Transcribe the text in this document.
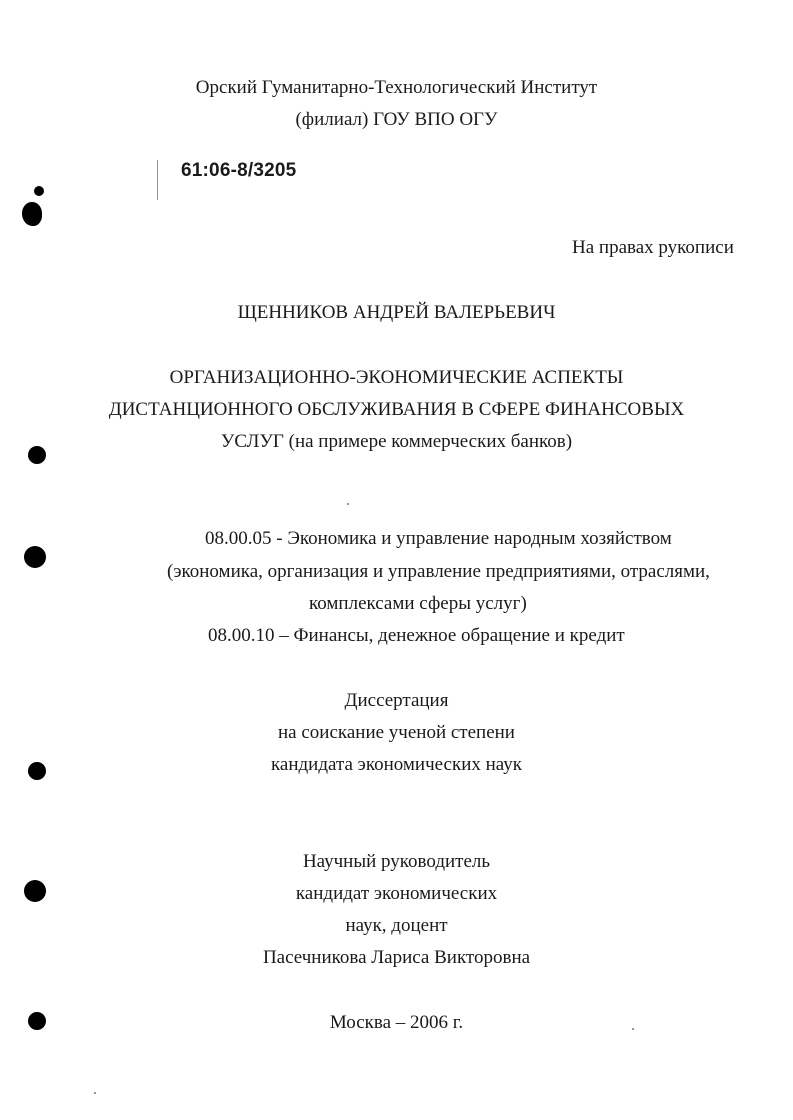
Орский Гуманитарно-Технологический Институт
(филиал) ГОУ ВПО ОГУ
61:06-8/3205
На правах рукописи
ЩЕННИКОВ АНДРЕЙ ВАЛЕРЬЕВИЧ
ОРГАНИЗАЦИОННО-ЭКОНОМИЧЕСКИЕ АСПЕКТЫ
ДИСТАНЦИОННОГО ОБСЛУЖИВАНИЯ В СФЕРЕ ФИНАНСОВЫХ
УСЛУГ (на примере коммерческих банков)
08.00.05 - Экономика и управление народным хозяйством
(экономика, организация и управление предприятиями, отраслями,
комплексами сферы услуг)
08.00.10 – Финансы, денежное обращение и кредит
Диссертация
на соискание ученой степени
кандидата экономических наук
Научный руководитель
кандидат экономических
наук, доцент
Пасечникова Лариса Викторовна
Москва – 2006 г.
